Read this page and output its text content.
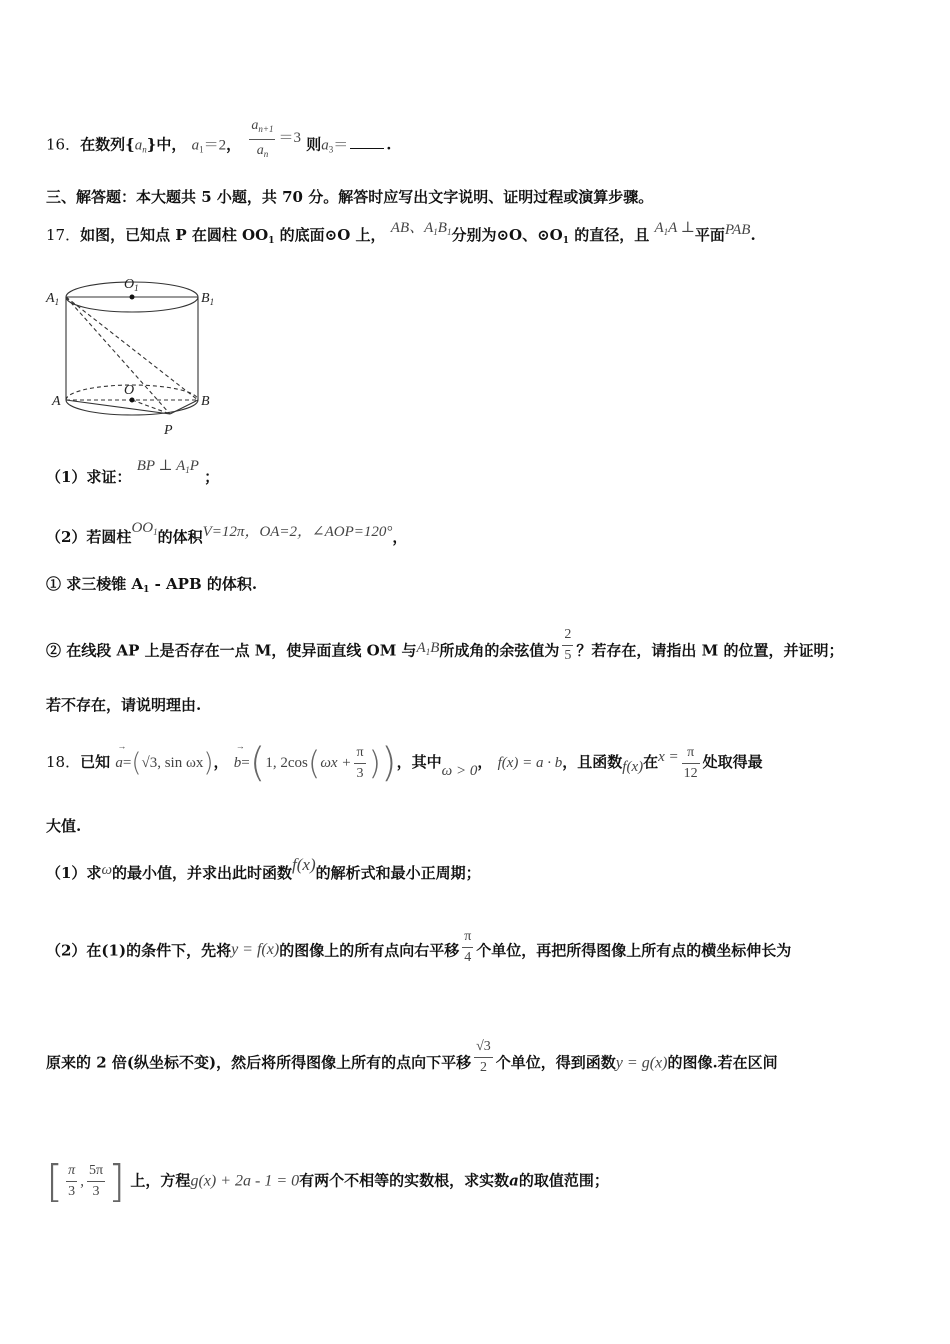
16．在数列$\{a_n\}$中， $a_1=2$， $\frac{a_{n+1}}{a_n} =3$ 则$a_3=$	.
三、解答题：本大题共 5 小题，共 70 分。解答时应写出文字说明、证明过程或演算步骤。
17．如图，已知点 P 在圆柱 $OO_1$ 的底面⊙O 上， AB、$A_1B_1$分别为⊙O、$⊙O_1$ 的直径，且 $A_1A$ ⊥平面PAB.
$A_1$
$O_1$
$B_1$
O
A	B
P
（1）求证： BP ⊥ $A_1P$ ；
（2）若圆柱$OO_1$的体积V=12π，OA=2，∠AOP=120°，
① 求三棱锥 $A_1$ - APB 的体积.
② 在线段 AP 上是否存在一点 M，使异面直线 OM 与$A_1B$所成角的余弦值为 $\frac{2}{5}$ ？若存在，请指出 M 的位置，并证明；
若不存在，请说明理由.
18．已知
→
a=(√3, sin ωx)，
→
b=(1, $2\cos(\omega x + \frac{\pi}{3}$ ))，其中ω > 0， f(x) = a · b，且函数f(x)在$x = \frac{\pi}{12}$ 处取得最
大值.
（1）求ω的最小值，并求出此时函数f(x)的解析式和最小正周期；
（2）在(1)的条件下，先将y = f(x)的图像上的所有点向右平移 $\frac{\pi}{4}$ 个单位，再把所得图像上所有点的横坐标伸长为
原来的 2 倍(纵坐标不变)，然后将所得图像上所有的点向下平移 $\frac{√3}{2}$ 个单位，得到函数y = g(x)的图像.若在区间
[ $\frac{\pi}{3}$ , $\frac{5\pi}{3}$ ] 上，方程g(x) + 2a - 1 = 0有两个不相等的实数根，求实数a的取值范围；
